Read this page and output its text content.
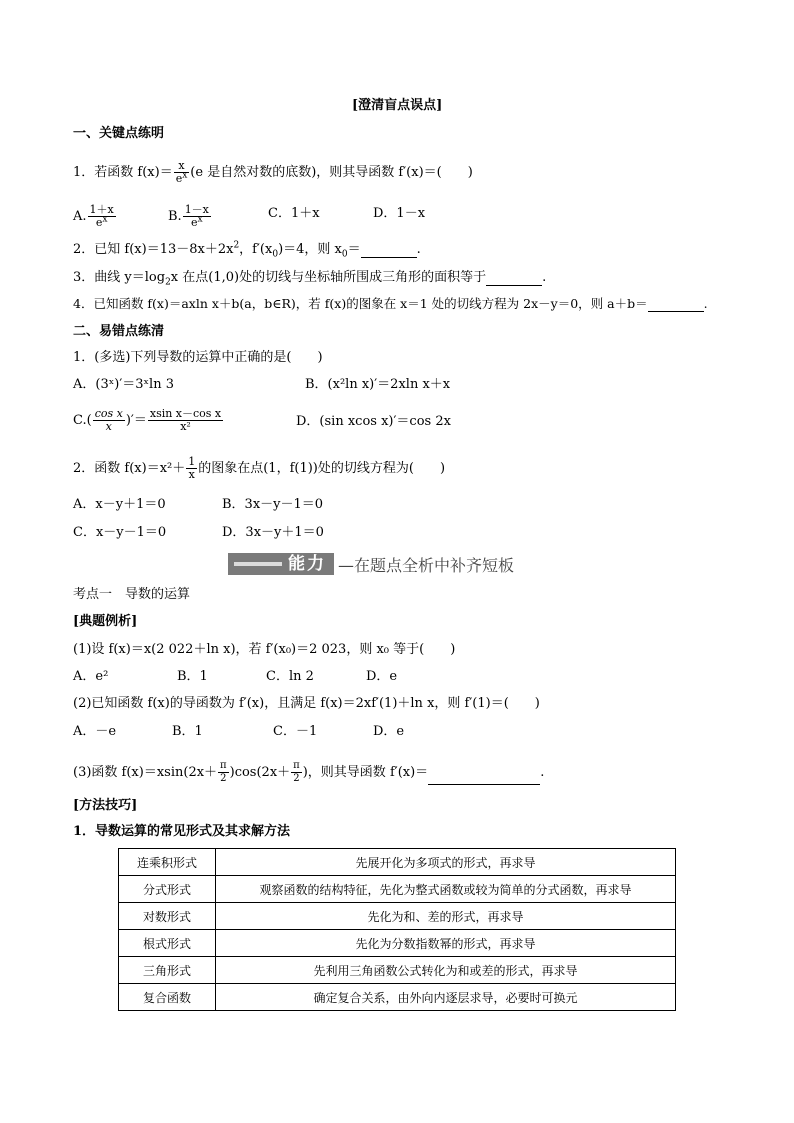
[澄清盲点误点]
一、关键点练明
1．若函数 $f(x)= \frac{x}{e^x} (e$ 是自然对数的底数)，则其导函数 f′(x)＝(　　)
A. $\frac{1+x}{e^x}$	B. $\frac{1-x}{e^x}$	C．1＋x	D．1－x
2．已知 $f(x)=13-8x+2x^2$，$f'(x_0)=4$，则 $x_0=$	.
3．曲线 $y=\log_2x$ 在点(1,0)处的切线与坐标轴所围成三角形的面积等于	.
4．已知函数 f(x)＝axln x＋b(a，b∈R)，若 f(x)的图象在 x＝1 处的切线方程为 2x－y＝0，则 a＋b＝	.
二、易错点练清
1．(多选)下列导数的运算中正确的是(　　)
A．(3ˣ)′＝3ˣln 3	B．(x²ln x)′＝2xln x＋x
$C.( \frac{\text{cos x}}{x}$ )′＝ $\frac{\text{xsin x－cos x}}{\text{x²}}$	D．(sin xcos x)′＝cos 2x
2．函数 $f(x)=x^2+ \frac{1}{x}$ 的图象在点(1，f(1))处的切线方程为(　　)
A．x－y＋1＝0	B．3x－y－1＝0
C．x－y－1＝0	D．3x－y＋1＝0
能力 —在题点全析中补齐短板
考点一　导数的运算
[典题例析]
(1)设 f(x)＝x(2 022＋ln x)，若 f′(x₀)＝2 023，则 x₀ 等于(　　)
A．e²	B．1	C．ln 2	D．e
(2)已知函数 f(x)的导函数为 f′(x)，且满足 f(x)＝2xf′(1)＋ln x，则 f′(1)＝(　　)
A．－e	B．1	C．－1	D．e
(3)函数 $f(x)=xsin(2x+ \frac{\pi}{2} )\cos(2x+ \frac{\pi}{2}$ )，则其导函数 f′(x)＝	.
[方法技巧]
1．导数运算的常见形式及其求解方法
连乘积形式	先展开化为多项式的形式，再求导
分式形式	观察函数的结构特征，先化为整式函数或较为简单的分式函数，再求导
对数形式	先化为和、差的形式，再求导
根式形式	先化为分数指数幂的形式，再求导
三角形式	先利用三角函数公式转化为和或差的形式，再求导
复合函数	确定复合关系，由外向内逐层求导，必要时可换元
